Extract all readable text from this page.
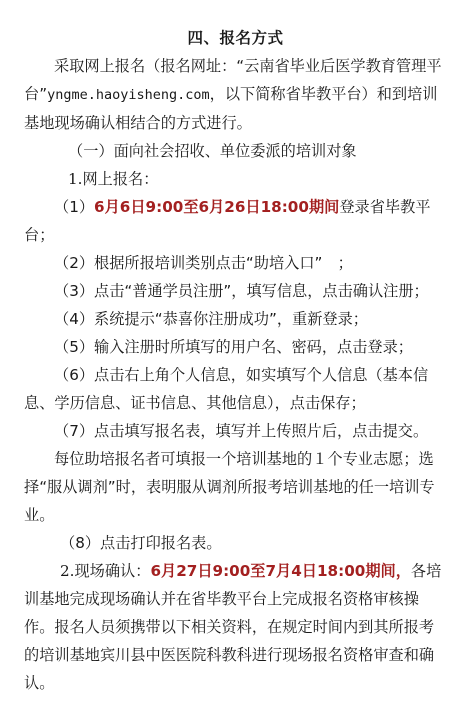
四、报名方式

采取网上报名（报名网址：“云南省毕业后医学教育管理平台”yngme.haoyisheng.com，以下简称省毕教平台）和到培训基地现场确认相结合的方式进行。

（一）面向社会招收、单位委派的培训对象

1.网上报名：

（1）6月6日9:00至6月26日18:00期间登录省毕教平台；

（2）根据所报培训类别点击“助培入口”　；

（3）点击“普通学员注册”，填写信息，点击确认注册；

（4）系统提示“恭喜你注册成功”，重新登录；

（5）输入注册时所填写的用户名、密码，点击登录；

（6）点击右上角个人信息，如实填写个人信息（基本信息、学历信息、证书信息、其他信息），点击保存；

（7）点击填写报名表，填写并上传照片后，点击提交。

每位助培报名者可填报一个培训基地的１个专业志愿；选择“服从调剂”时，表明服从调剂所报考培训基地的任一培训专业。

（8）点击打印报名表。

2.现场确认：6月27日9:00至7月4日18:00期间，各培训基地完成现场确认并在省毕教平台上完成报名资格审核操作。报名人员须携带以下相关资料，在规定时间内到其所报考的培训基地宾川县中医医院科教科进行现场报名资格审查和确认。
